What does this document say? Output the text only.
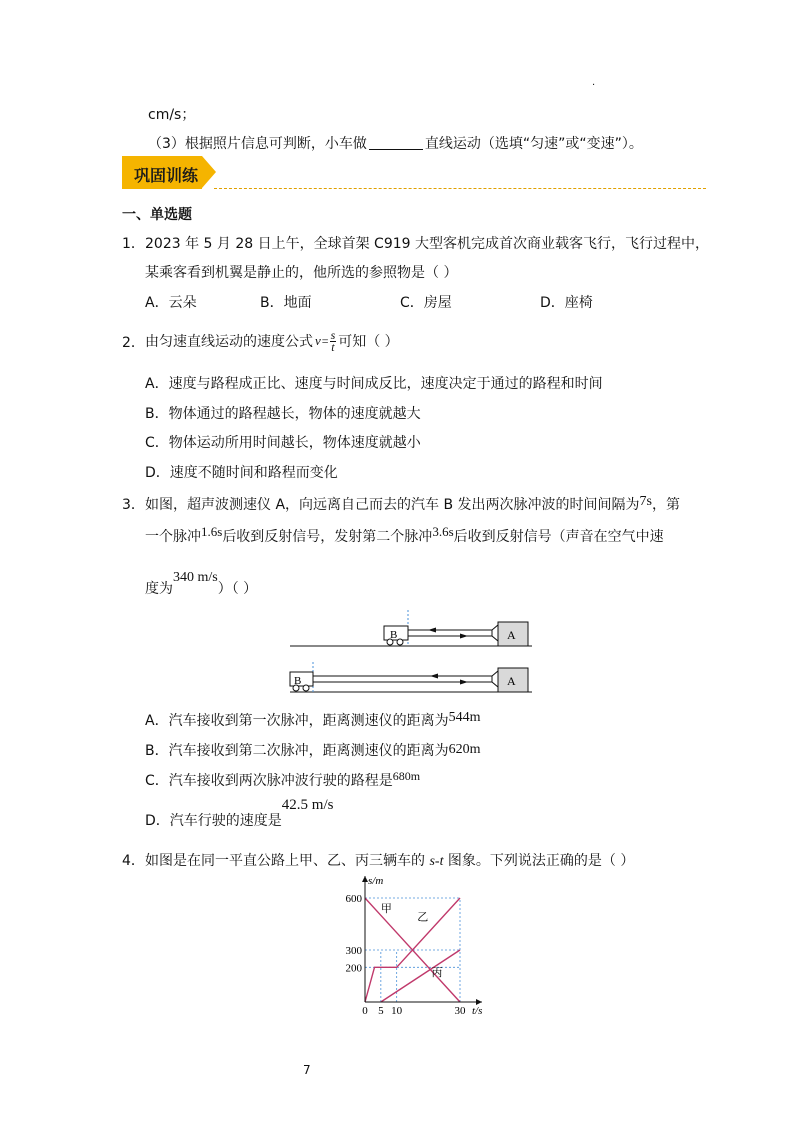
·
cm/s；
（3）根据照片信息可判断，小车做	直线运动（选填“匀速”或“变速”）。
巩固训练
一、单选题
1． 2023 年 5 月 28 日上午，全球首架 C919 大型客机完成首次商业载客飞行，飞行过程中，
某乘客看到机翼是静止的，他所选的参照物是（ ）
A．云朵	B．地面	C．房屋	D．座椅
2． 由匀速直线运动的速度公式 $v = \frac{s}{t}$ 可知（ ）
A．速度与路程成正比、速度与时间成反比，速度决定于通过的路程和时间
B．物体通过的路程越长，物体的速度就越大
C．物体运动所用时间越长，物体速度就越小
D．速度不随时间和路程而变化
3． 如图，超声波测速仪 A，向远离自己而去的汽车 B 发出两次脉冲波的时间间隔为7s，第
一个脉冲1.6s后收到反射信号，发射第二个脉冲3.6s后收到反射信号（声音在空气中速
度为340 m/s）（ ）
B	A
B	A
A．汽车接收到第一次脉冲，距离测速仪的距离为544m
B．汽车接收到第二次脉冲，距离测速仪的距离为620m
C．汽车接收到两次脉冲波行驶的路程是680m
D．汽车行驶的速度是42.5 m/s
4． 如图是在同一平直公路上甲、乙、丙三辆车的 s-t 图象。下列说法正确的是（ ）
0 5 10	30
200
300
600
s/m
t/s
甲
乙
丙
7
